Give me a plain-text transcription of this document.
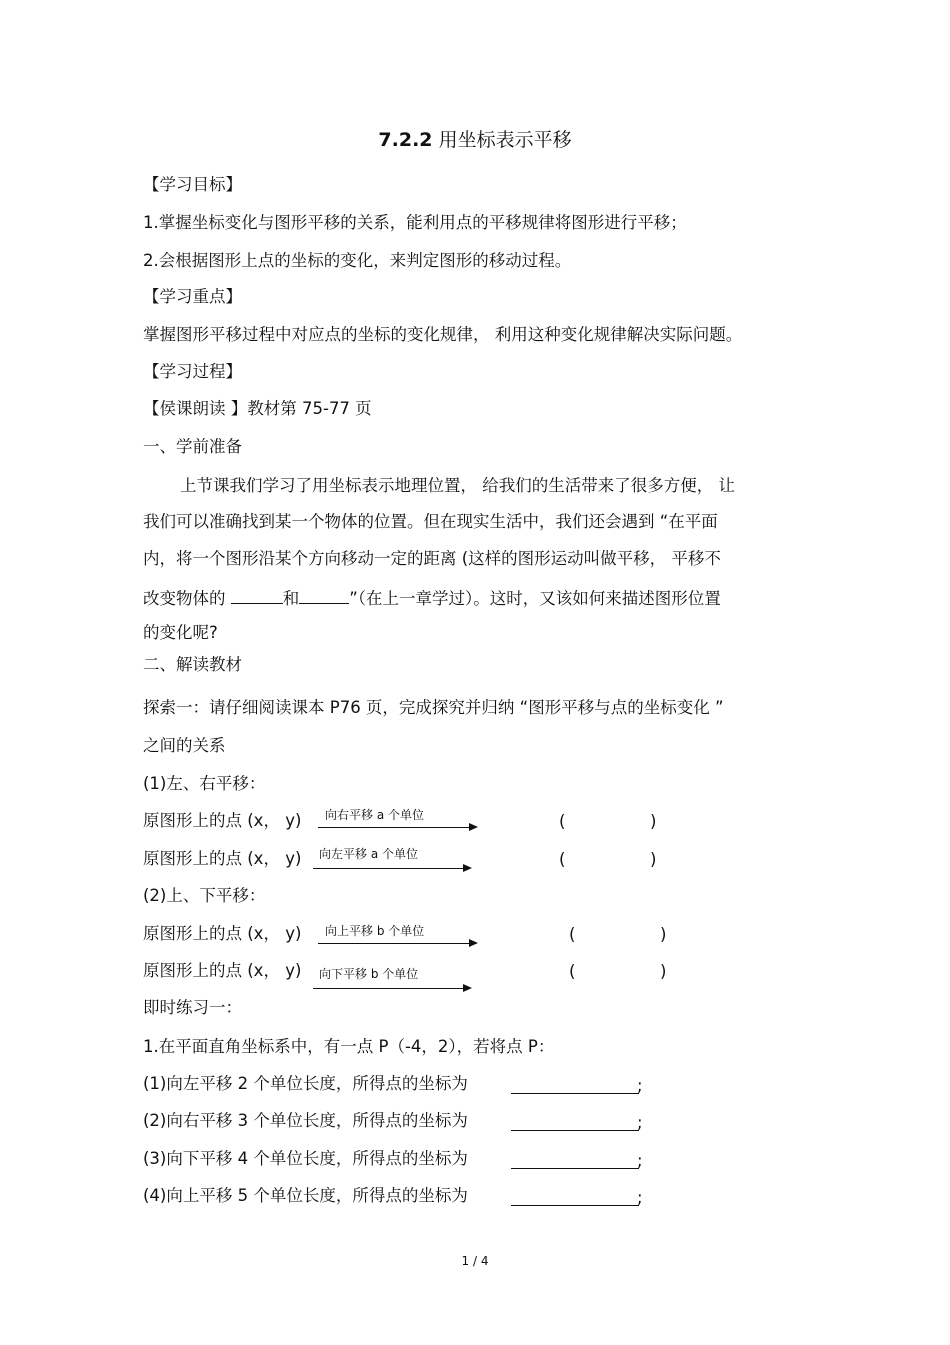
7.2.2 用坐标表示平移
【学习目标】
1.掌握坐标变化与图形平移的关系，能利用点的平移规律将图形进行平移；
2.会根据图形上点的坐标的变化，来判定图形的移动过程。
【学习重点】
掌握图形平移过程中对应点的坐标的变化规律， 利用这种变化规律解决实际问题。
【学习过程】
【侯课朗读 】教材第 75-77 页
一、学前准备
上节课我们学习了用坐标表示地理位置， 给我们的生活带来了很多方便， 让
我们可以准确找到某一个物体的位置。但在现实生活中，我们还会遇到 “在平面
内，将一个图形沿某个方向移动一定的距离 (这样的图形运动叫做平移， 平移不
改变物体的	和	”（在上一章学过）。这时，又该如何来描述图形位置
的变化呢?
二、解读教材
探索一：请仔细阅读课本 P76 页，完成探究并归纳 “图形平移与点的坐标变化 ”
之间的关系
(1)左、右平移：
原图形上的点 (x， y) 向右平移 a 个单位	(	)
原图形上的点 (x， y) 向左平移 a 个单位	(	)
(2)上、下平移：
原图形上的点 (x， y) 向上平移 b 个单位	(	)
原图形上的点 (x， y) 向下平移 b 个单位	(	)
即时练习一：
1.在平面直角坐标系中，有一点 P（-4，2），若将点 P：
(1)向左平移 2 个单位长度，所得点的坐标为	;
(2)向右平移 3 个单位长度，所得点的坐标为	;
(3)向下平移 4 个单位长度，所得点的坐标为	;
(4)向上平移 5 个单位长度，所得点的坐标为	;
1 / 4
